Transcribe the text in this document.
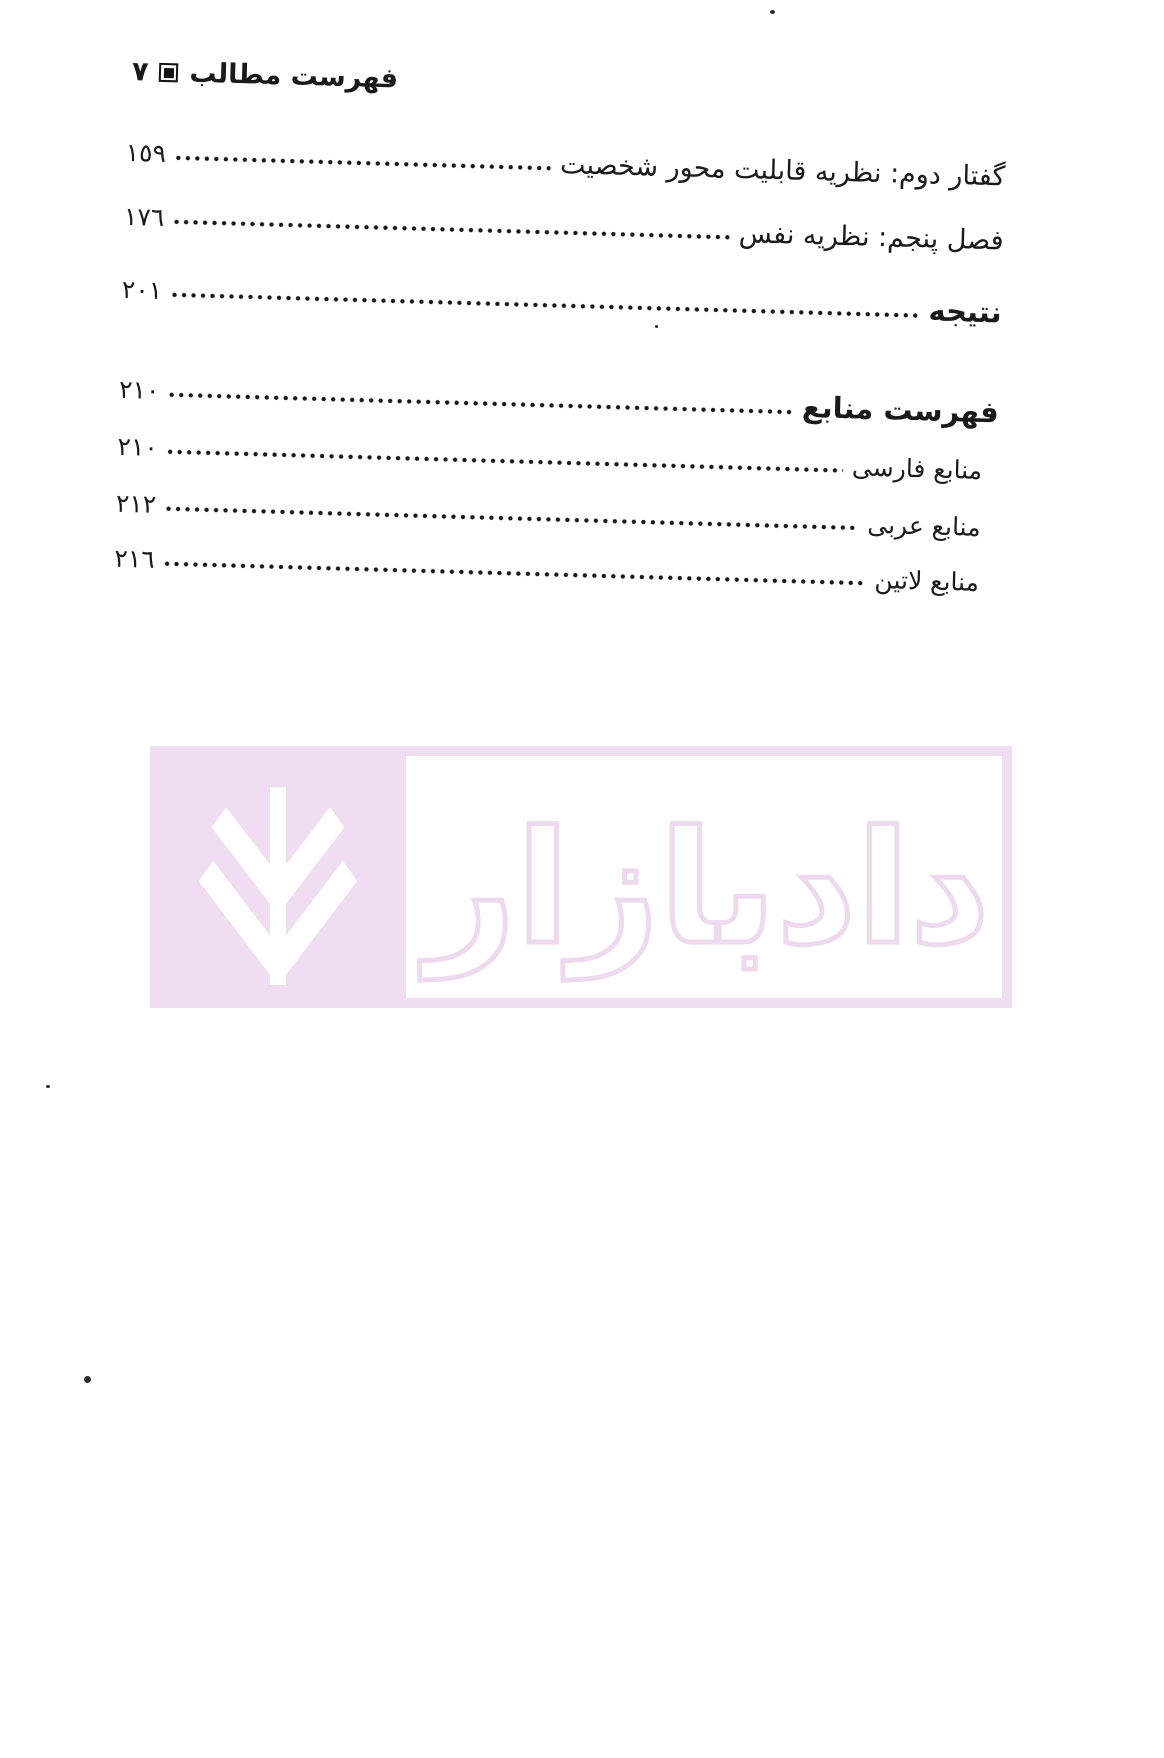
فهرست مطالب
٧
گفتار دوم: نظریه قابلیت محور شخصیت
١٥٩
فصل پنجم: نظریه نفس
١٧٦
نتیجه
٢٠١
فهرست منابع
٢١٠
منابع فارسی
٢١٠
منابع عربی
٢١٢
منابع لاتین
٢١٦
دادبازار
